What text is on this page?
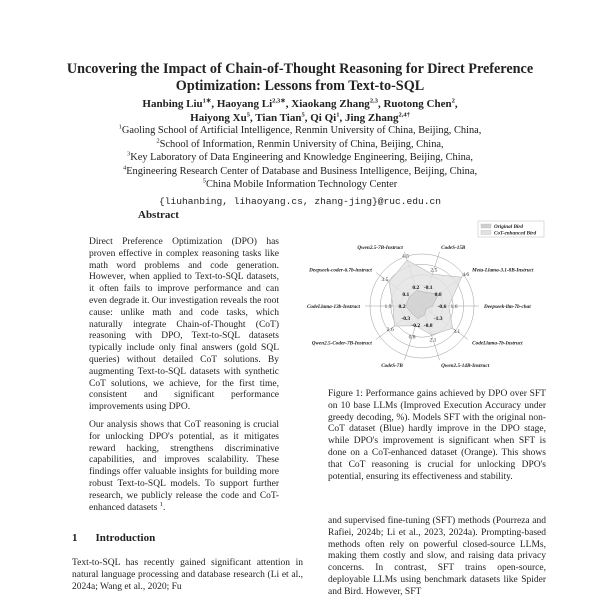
Uncovering the Impact of Chain-of-Thought Reasoning for Direct Preference Optimization: Lessons from Text-to-SQL
Hanbing Liu$^{1∗}$, Haoyang $Li^{2,3∗}$, Xiaokang Zhang$^{2,3}$, Ruotong Chen$^2$,
Haiyong Xu$^5$, Tian Tian$^5$, Qi Qi$^1$, Jing Zhang$^{2,4\dagger}$
$^1$Gaoling School of Artificial Intelligence, Renmin University of China, Beijing, China,
$^2$School of Information, Renmin University of China, Beijing, China,
$^3$Key Laboratory of Data Engineering and Knowledge Engineering, Beijing, China,
$^4$Engineering Research Center of Database and Business Intelligence, Beijing, China,
$^5$China Mobile Information Technology Center
{liuhanbing, lihaoyang.cs, zhang-jing}@ruc.edu.cn
Abstract

Direct Preference Optimization (DPO) has proven effective in complex reasoning tasks like math word problems and code generation. However, when applied to Text-to-SQL datasets, it often fails to improve performance and can even degrade it. Our investigation reveals the root cause: unlike math and code tasks, which naturally integrate Chain-of-Thought (CoT) reasoning with DPO, Text-to-SQL datasets typically include only final answers (gold SQL queries) without detailed CoT solutions. By augmenting Text-to-SQL datasets with synthetic CoT solutions, we achieve, for the first time, consistent and significant performance improvements using DPO.

Our analysis shows that CoT reasoning is crucial for unlocking DPO's potential, as it mitigates reward hacking, strengthens discriminative capabilities, and improves scalability. These findings offer valuable insights for building more robust Text-to-SQL models. To support further research, we publicly release the code and CoT-enhanced datasets $^1$.

1 Introduction
Text-to-SQL has recently gained significant attention in natural language processing and database research (Li et al., 2024a; Wang et al., 2020; Fu
0.2 -0.1
0.8
-0.6
-1.3
-0.8
-0.2
-0.3
0.2
0.1
4.5
2.5
4.6
1.6
3.1
2.1
0.8
2.6
1.9
3.5
Qwen2.5-7B-Instruct	CodeS-15B
Meta-Llama-3.1-8B-Instruct
Deepseek-llm-7b-chat
CodeLlama-7b-Instruct
Qwen2.5-14B-Instruct
CodeS-7B
Qwen2.5-Coder-7B-Instruct
CodeLlama-13b-Instruct
Deepseek-coder-6.7b-instruct
Original Bird
CoT-enhanced Bird
Figure 1: Performance gains achieved by DPO over SFT on 10 base LLMs (Improved Execution Accuracy under greedy decoding, %). Models SFT with the original non-CoT dataset (Blue) hardly improve in the DPO stage, while DPO's improvement is significant when SFT is done on a CoT-enhanced dataset (Orange). This shows that CoT reasoning is crucial for unlocking DPO's potential, ensuring its effectiveness and stability.
and supervised fine-tuning (SFT) methods (Pourreza and Rafiei, 2024b; Li et al., 2023, 2024a). Prompting-based methods often rely on powerful closed-source LLMs, making them costly and slow, and raising data privacy concerns. In contrast, SFT trains open-source, deployable LLMs using benchmark datasets like Spider and Bird. However, SFT
